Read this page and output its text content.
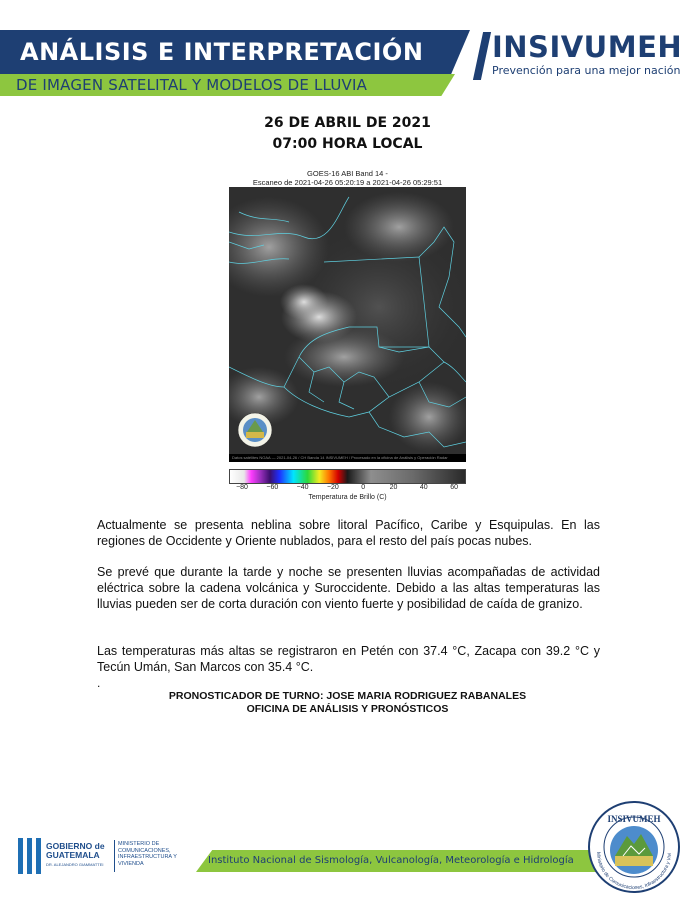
ANÁLISIS E INTERPRETACIÓN
DE IMAGEN SATELITAL Y MODELOS DE LLUVIA
INSIVUMEH
Prevención para una mejor nación
26 DE ABRIL DE 2021
07:00 HORA LOCAL
GOES-16 ABI Band 14 -
Escaneo de 2021-04-26 05:20:19 a 2021-04-26 05:29:51
Datos satélites NOAA — 2021-04-26 / CH Banda 14 INSIVUMEH / Procesado en la oficina de Análisis y Operación Radar
−80	−60	−40	−20	0	20	40	60
Temperatura de Brillo (C)
Actualmente se presenta neblina sobre litoral Pacífico, Caribe y Esquipulas. En las regiones de Occidente y Oriente nublados, para el resto del país pocas nubes.
Se prevé que durante la tarde y noche se presenten lluvias acompañadas de actividad eléctrica sobre la cadena volcánica y Suroccidente. Debido a las altas temperaturas las lluvias pueden ser de corta duración con viento fuerte y posibilidad de caída de granizo.
Las temperaturas más altas se registraron en Petén con 37.4 °C, Zacapa con 39.2 °C y Tecún Umán, San Marcos con 35.4 °C.
.
PRONOSTICADOR DE TURNO: JOSE MARIA RODRIGUEZ RABANALES
OFICINA DE ANÁLISIS Y PRONÓSTICOS
GOBIERNO de GUATEMALA
DR. ALEJANDRO GIAMMATTEI
MINISTERIO DE COMUNICACIONES, INFRAESTRUCTURA Y VIVIENDA	Instituto Nacional de Sismología, Vulcanología, Meteorología e Hidrología
INSIVUMEH
Ministerio de Comunicaciones, Infraestructura y Vivi
